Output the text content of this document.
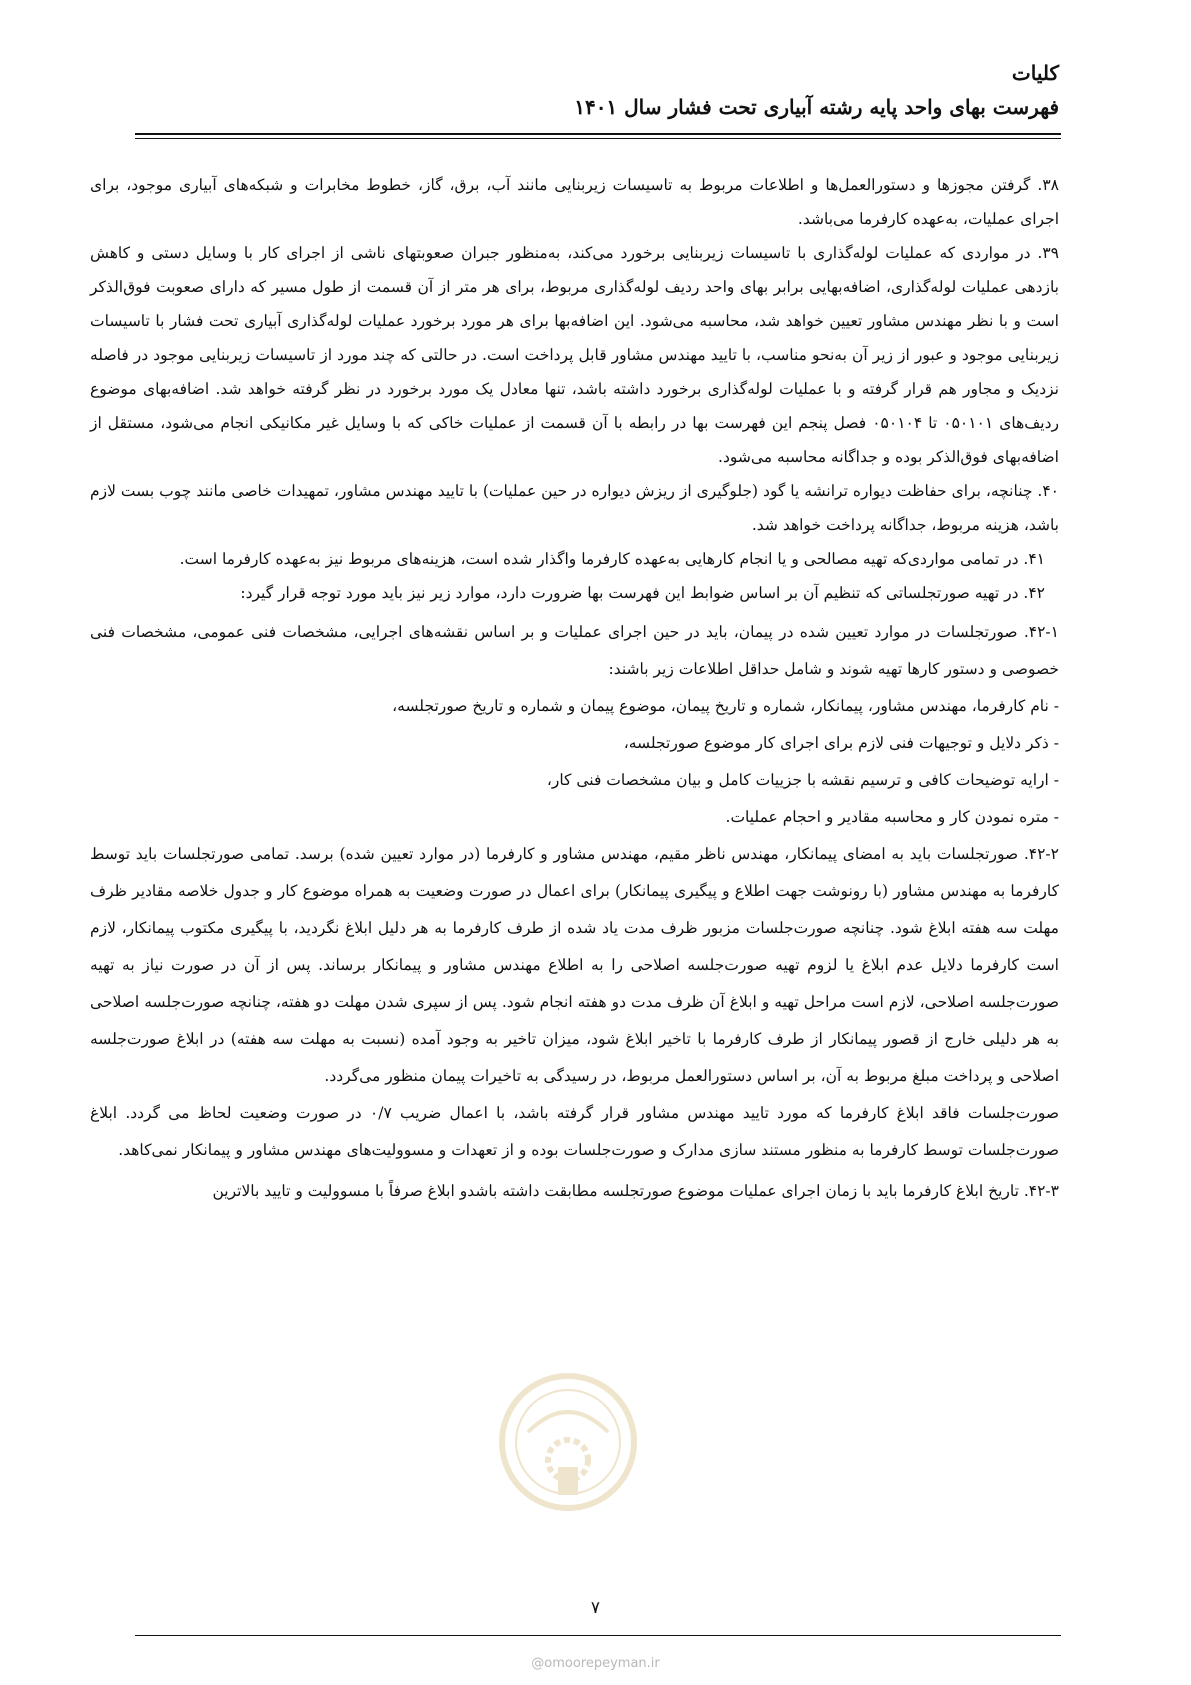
کلیات
فهرست بهای واحد پایه رشته آبیاری تحت فشار سال ۱۴۰۱

۳۸. گرفتن مجوزها و دستورالعمل‌ها و اطلاعات مربوط به تاسیسات زیربنایی مانند آب، برق، گاز، خطوط مخابرات و شبکه‌های آبیاری موجود، برای اجرای عملیات، به‌عهده کارفرما می‌باشد.

۳۹. در مواردی که عملیات لوله‌گذاری با تاسیسات زیربنایی برخورد می‌کند، به‌منظور جبران صعوبتهای ناشی از اجرای کار با وسایل دستی و کاهش بازدهی عملیات لوله‌گذاری، اضافه‌بهایی برابر بهای واحد ردیف لوله‌گذاری مربوط، برای هر متر از آن قسمت از طول مسیر که دارای صعوبت فوق‌الذکر است و با نظر مهندس مشاور تعیین خواهد شد، محاسبه می‌شود. این اضافه‌بها برای هر مورد برخورد عملیات لوله‌گذاری آبیاری تحت فشار با تاسیسات زیربنایی موجود و عبور از زیر آن به‌نحو مناسب، با تایید مهندس مشاور قابل پرداخت است. در حالتی که چند مورد از تاسیسات زیربنایی موجود در فاصله نزدیک و مجاور هم قرار گرفته و با عملیات لوله‌گذاری برخورد داشته باشد، تنها معادل یک مورد برخورد در نظر گرفته خواهد شد. اضافه‌بهای موضوع ردیف‌های ۰۵۰۱۰۱ تا ۰۵۰۱۰۴ فصل پنجم این فهرست بها در رابطه با آن قسمت از عملیات خاکی که با وسایل غیر مکانیکی انجام می‌شود، مستقل از اضافه‌بهای فوق‌الذکر بوده و جداگانه محاسبه می‌شود.

۴۰. چنانچه، برای حفاظت دیواره ترانشه یا گود (جلوگیری از ریزش دیواره در حین عملیات) با تایید مهندس مشاور، تمهیدات خاصی مانند چوب بست لازم باشد، هزینه مربوط، جداگانه پرداخت خواهد شد.

۴۱. در تمامی مواردی‌که تهیه مصالحی و یا انجام کارهایی به‌عهده کارفرما واگذار شده است، هزینه‌های مربوط نیز به‌عهده کارفرما است.

۴۲. در تهیه صورتجلساتی که تنظیم آن بر اساس ضوابط این فهرست بها ضرورت دارد، موارد زیر نیز باید مورد توجه قرار گیرد:

۴۲-۱. صورتجلسات در موارد تعیین شده در پیمان، باید در حین اجرای عملیات و بر اساس نقشه‌های اجرایی، مشخصات فنی عمومی، مشخصات فنی خصوصی و دستور کارها تهیه شوند و شامل حداقل اطلاعات زیر باشند:

- نام کارفرما، مهندس مشاور، پیمانکار، شماره و تاریخ پیمان، موضوع پیمان و شماره و تاریخ صورتجلسه،

- ذکر دلایل و توجیهات فنی لازم برای اجرای کار موضوع صورتجلسه،

- ارایه توضیحات کافی و ترسیم نقشه با جزییات کامل و بیان مشخصات فنی کار،

- متره نمودن کار و محاسبه مقادیر و احجام عملیات.

۴۲-۲. صورتجلسات باید به امضای پیمانکار، مهندس ناظر مقیم، مهندس مشاور و کارفرما (در موارد تعیین شده) برسد. تمامی صورتجلسات باید توسط کارفرما به مهندس مشاور (با رونوشت جهت اطلاع و پیگیری پیمانکار) برای اعمال در صورت وضعیت به همراه موضوع کار و جدول خلاصه مقادیر ظرف مهلت سه هفته ابلاغ شود. چنانچه صورت‌جلسات مزبور ظرف مدت یاد شده از طرف کارفرما به هر دلیل ابلاغ نگردید، با پیگیری مکتوب پیمانکار، لازم است کارفرما دلایل عدم ابلاغ یا لزوم تهیه صورت‌جلسه اصلاحی را به اطلاع مهندس مشاور و پیمانکار برساند. پس از آن در صورت نیاز به تهیه صورت‌جلسه اصلاحی، لازم است مراحل تهیه و ابلاغ آن ظرف مدت دو هفته انجام شود. پس از سپری شدن مهلت دو هفته، چنانچه صورت‌جلسه اصلاحی به هر دلیلی خارج از قصور پیمانکار از طرف کارفرما با تاخیر ابلاغ شود، میزان تاخیر به وجود آمده (نسبت به مهلت سه هفته) در ابلاغ صورت‌جلسه اصلاحی و پرداخت مبلغ مربوط به آن، بر اساس دستورالعمل مربوط، در رسیدگی به تاخیرات پیمان منظور می‌گردد.

صورت‌جلسات فاقد ابلاغ کارفرما که مورد تایید مهندس مشاور قرار گرفته باشد، با اعمال ضریب ۰/۷ در صورت وضعیت لحاظ می گردد. ابلاغ صورت‌جلسات توسط کارفرما به منظور مستند سازی مدارک و صورت‌جلسات بوده و از تعهدات و مسوولیت‌های مهندس مشاور و پیمانکار نمی‌کاهد.

۴۲-۳. تاریخ ابلاغ کارفرما باید با زمان اجرای عملیات موضوع صورتجلسه مطابقت داشته باشدو ابلاغ صرفاً با مسوولیت و تایید بالاترین

۷
@omoorepeyman.ir
